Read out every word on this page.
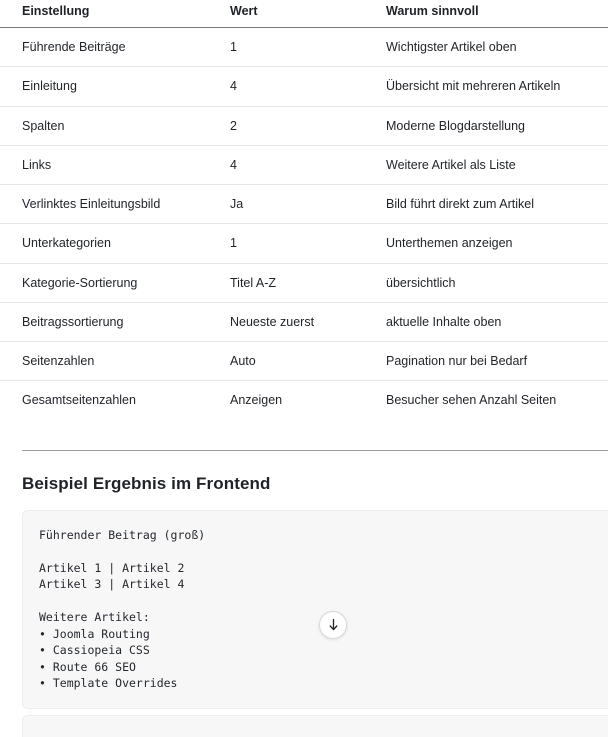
Einstellung	Wert	Warum sinnvoll
Führende Beiträge	1	Wichtigster Artikel oben
Einleitung	4	Übersicht mit mehreren Artikeln
Spalten	2	Moderne Blogdarstellung
Links	4	Weitere Artikel als Liste
Verlinktes Einleitungsbild	Ja	Bild führt direkt zum Artikel
Unterkategorien	1	Unterthemen anzeigen
Kategorie-Sortierung	Titel A-Z	übersichtlich
Beitragssortierung	Neueste zuerst	aktuelle Inhalte oben
Seitenzahlen	Auto	Pagination nur bei Bedarf
Gesamtseitenzahlen	Anzeigen	Besucher sehen Anzahl Seiten
Beispiel Ergebnis im Frontend
Führender Beitrag (groß)
Artikel 1 | Artikel 2
Artikel 3 | Artikel 4
Weitere Artikel:
• Joomla Routing
• Cassiopeia CSS
• Route 66 SEO
• Template Overrides
